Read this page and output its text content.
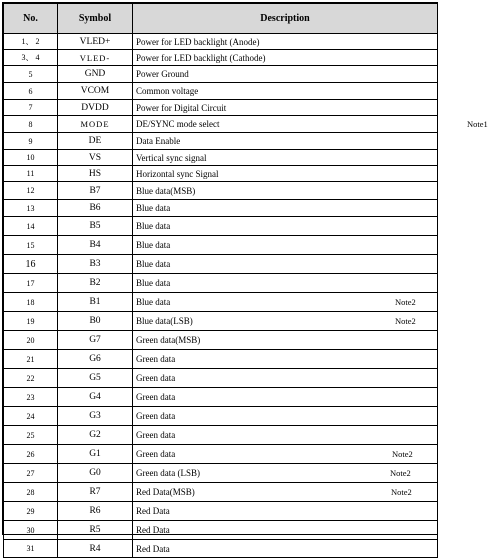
No.	Symbol	Description
1、 2	VLED+	Power for LED backlight (Anode)
3、 4	VLED-	Power for LED backlight (Cathode)
5	GND	Power Ground
6	VCOM	Common voltage
7	DVDD	Power for Digital Circuit
8	MODE	DE/SYNC mode select Note1

9	DE	Data Enable
10	VS	Vertical sync signal
11	HS	Horizontal sync Signal
12	B7	Blue data(MSB)
13	B6	Blue data
14	B5	Blue data
15	B4	Blue data
16	B3	Blue data
17	B2	Blue data
18	B1	Blue data Note2

19	B0	Blue data(LSB) Note2

20	G7	Green data(MSB)
21	G6	Green data
22	G5	Green data
23	G4	Green data
24	G3	Green data
25	G2	Green data
26	G1	Green data Note2

27	G0	Green data (LSB) Note2

28	R7	Red Data(MSB) Note2

29	R6	Red Data
30	R5	Red Data
31	R4	Red Data
